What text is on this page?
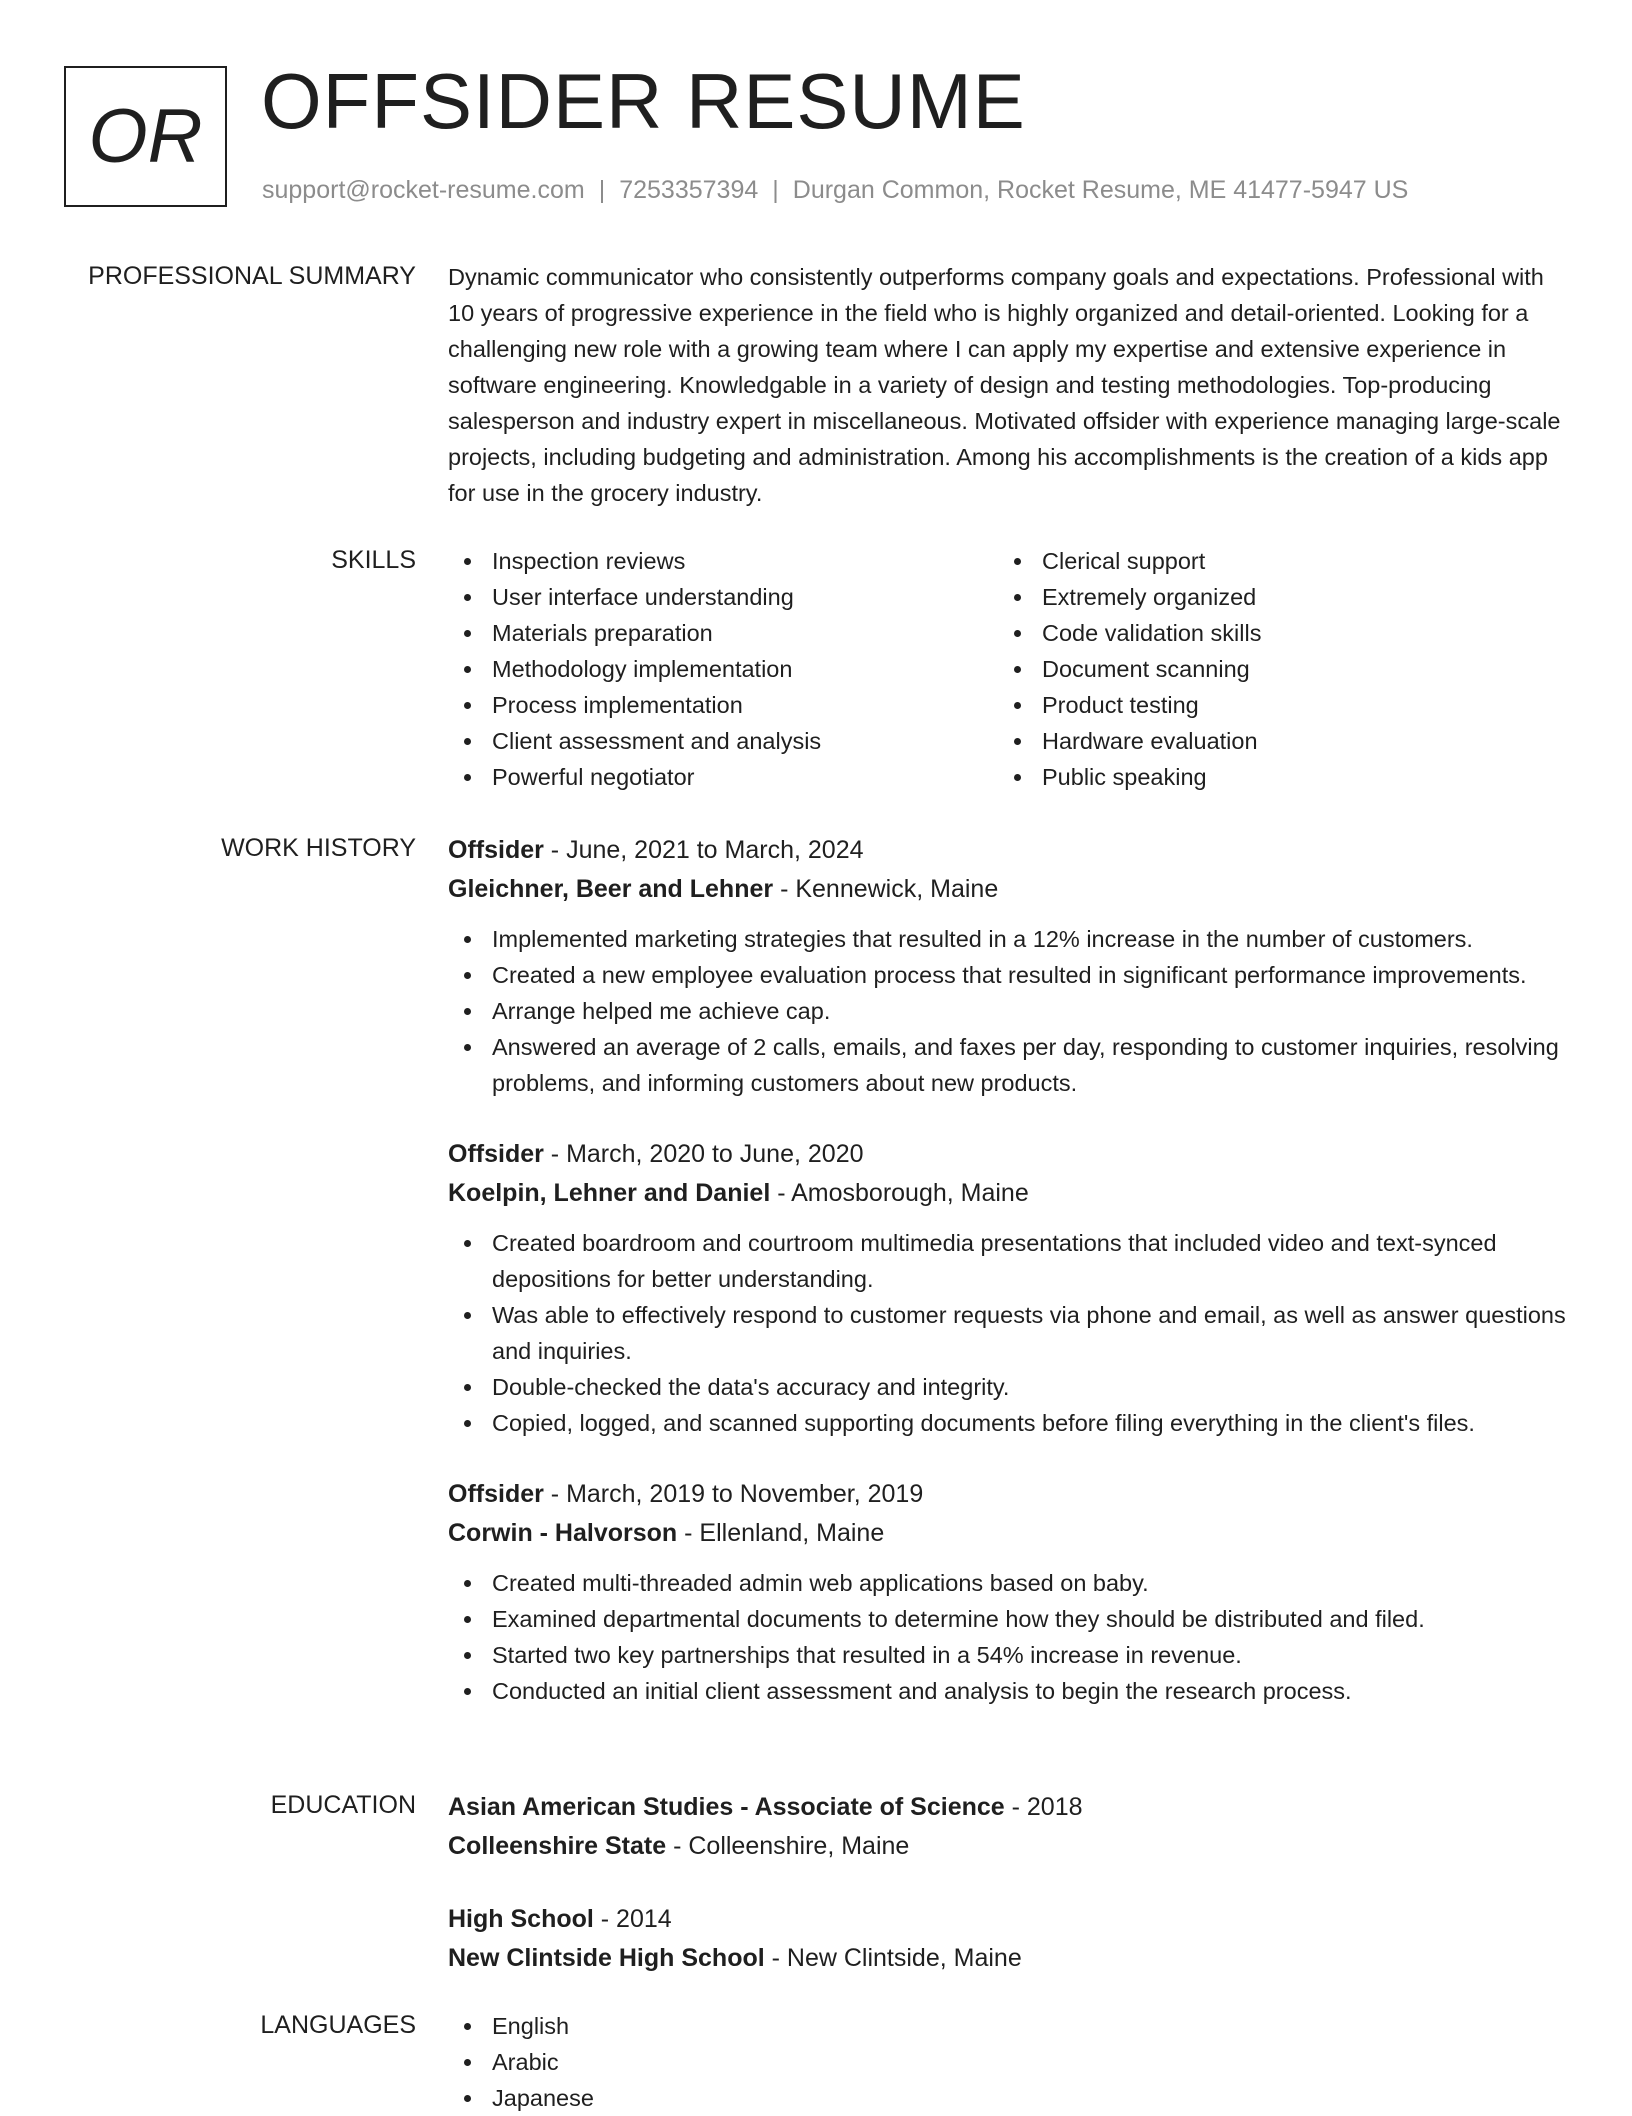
OR OFFSIDER RESUME
support@rocket-resume.com | 7253357394 | Durgan Common, Rocket Resume, ME 41477-5947 US
PROFESSIONAL SUMMARY Dynamic communicator who consistently outperforms company goals and expectations. Professional with 10 years of progressive experience in the field who is highly organized and detail-oriented. Looking for a challenging new role with a growing team where I can apply my expertise and extensive experience in software engineering. Knowledgable in a variety of design and testing methodologies. Top-producing salesperson and industry expert in miscellaneous. Motivated offsider with experience managing large-scale projects, including budgeting and administration. Among his accomplishments is the creation of a kids app for use in the grocery industry.

SKILLS	Inspection reviews
User interface understanding
Materials preparation
Methodology implementation
Process implementation
Client assessment and analysis
Powerful negotiator
Clerical support
Extremely organized
Code validation skills
Document scanning
Product testing
Hardware evaluation
Public speaking
WORK HISTORY Offsider - June, 2021 to March, 2024
Gleichner, Beer and Lehner - Kennewick, Maine
Implemented marketing strategies that resulted in a 12% increase in the number of customers.
Created a new employee evaluation process that resulted in significant performance improvements.
Arrange helped me achieve cap.
Answered an average of 2 calls, emails, and faxes per day, responding to customer inquiries, resolving problems, and informing customers about new products.
Offsider - March, 2020 to June, 2020
Koelpin, Lehner and Daniel - Amosborough, Maine
Created boardroom and courtroom multimedia presentations that included video and text-synced depositions for better understanding.
Was able to effectively respond to customer requests via phone and email, as well as answer questions and inquiries.
Double-checked the data's accuracy and integrity.
Copied, logged, and scanned supporting documents before filing everything in the client's files.
Offsider - March, 2019 to November, 2019
Corwin - Halvorson - Ellenland, Maine
Created multi-threaded admin web applications based on baby.
Examined departmental documents to determine how they should be distributed and filed.
Started two key partnerships that resulted in a 54% increase in revenue.
Conducted an initial client assessment and analysis to begin the research process.
EDUCATION Asian American Studies - Associate of Science - 2018
Colleenshire State - Colleenshire, Maine
High School - 2014
New Clintside High School - New Clintside, Maine
LANGUAGES	English
Arabic
Japanese
